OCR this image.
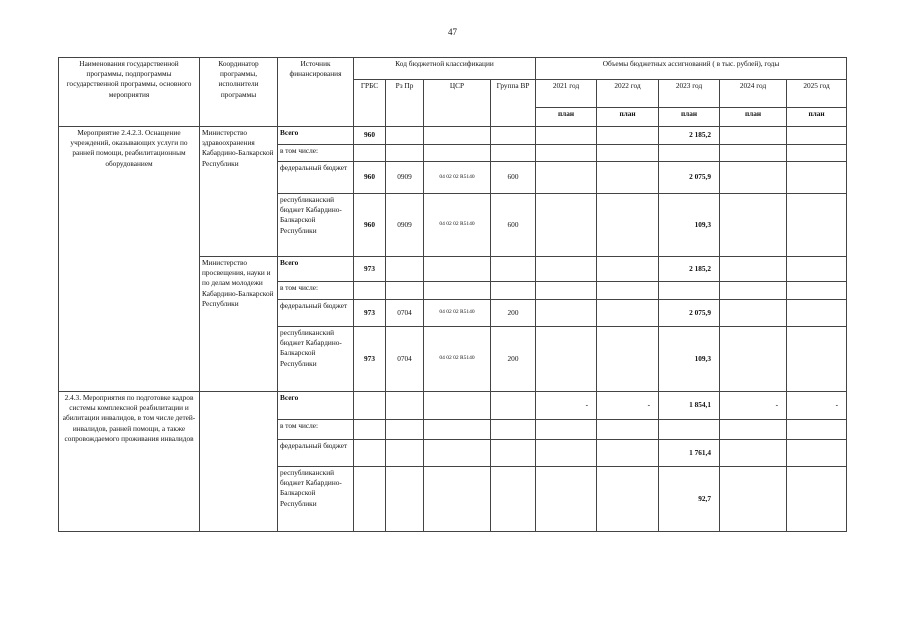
47
Наименования государственной программы, подпрограммы государственной программы, основного мероприятия	Координатор программы, исполнители программы	Источник финансирования	Код бюджетной классификации				Объемы бюджетных ассигнований ( в тыс. рублей), годы				
			ГРБС	Рз Пр	ЦСР	Группа ВР	2021 год	2022 год	2023 год	2024 год	2025 год
							план	план	план	план	план
Мероприятие 2.4.2.3. Оснащение учреждений, оказывающих услуги по ранней помощи, реабилитационным оборудованием	Министерство здравоохранения Кабардино-Балкарской Республики	Всего	960						2 185,2		
		в том числе:									
		федеральный бюджет	960	0909	04 02 02 R5140	600			2 075,9		
		республиканский бюджет Кабардино-Балкарской Республики	960	0909	04 02 02 R5140	600			109,3		
	Министерство просвещения, науки и по делам молодежи Кабардино-Балкарской Республики	Всего	973						2 185,2		
		в том числе:									
		федеральный бюджет	973	0704	04 02 02 R5140	200			2 075,9		
		республиканский бюджет Кабардино-Балкарской Республики	973	0704	04 02 02 R5140	200			109,3		
2.4.3. Мероприятия по подготовке кадров системы комплексной реабилитации и абилитации инвалидов, в том числе детей-инвалидов, ранней помощи, а также сопровождаемого проживания инвалидов		Всего					-	-	1 854,1	-	-
		в том числе:									
		федеральный бюджет							1 761,4		
		республиканский бюджет Кабардино-Балкарской Республики							92,7		
